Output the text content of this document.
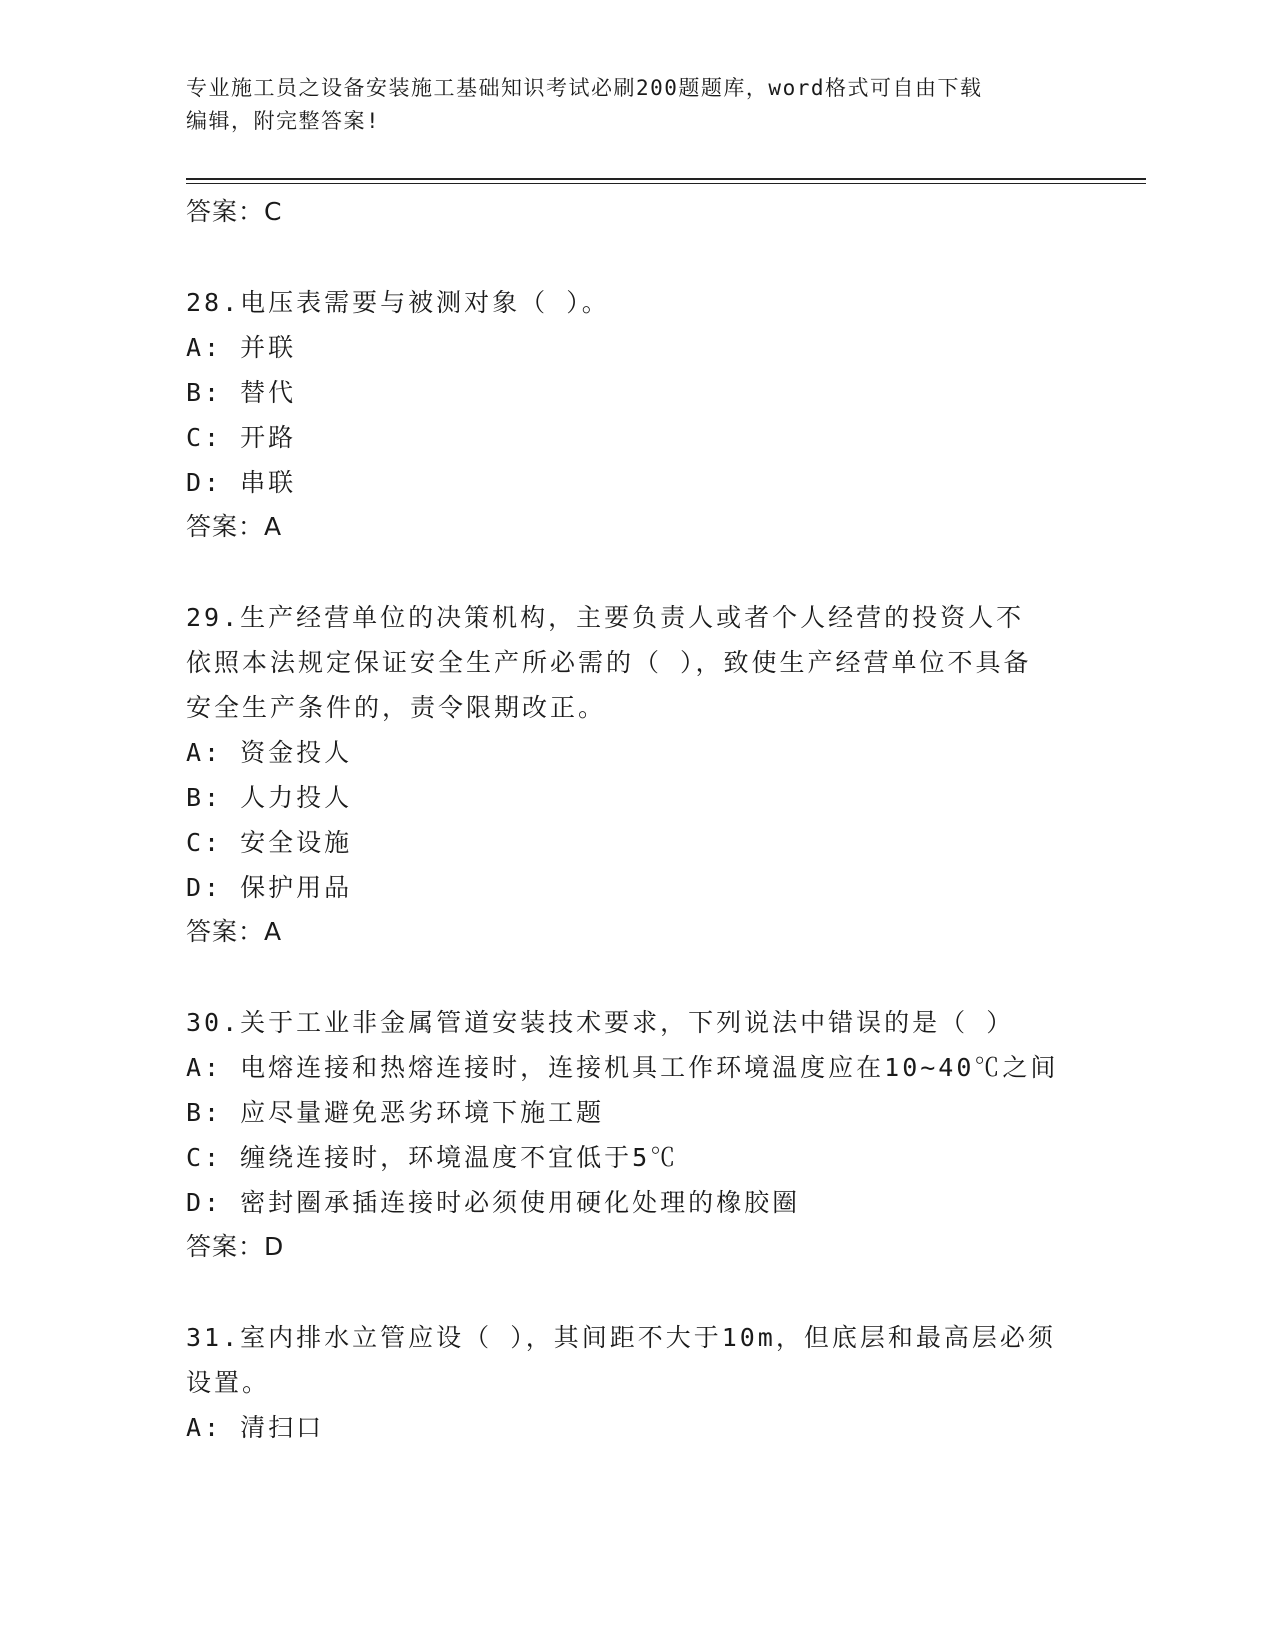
专业施工员之设备安装施工基础知识考试必刷200题题库，word格式可自由下载
编辑，附完整答案!
答案：C
28.电压表需要与被测对象（ ）。
A: 并联
B: 替代
C: 开路
D: 串联
答案：A
29.生产经营单位的决策机构，主要负责人或者个人经营的投资人不依照本法规定保证安全生产所必需的（ ），致使生产经营单位不具备安全生产条件的，责令限期改正。
A: 资金投人
B: 人力投人
C: 安全设施
D: 保护用品
答案：A
30.关于工业非金属管道安装技术要求，下列说法中错误的是（ ）
A: 电熔连接和热熔连接时，连接机具工作环境温度应在10~40℃之间
B: 应尽量避免恶劣环境下施工题
C: 缠绕连接时，环境温度不宜低于5℃
D: 密封圈承插连接时必须使用硬化处理的橡胶圈
答案：D
31.室内排水立管应设（ ），其间距不大于10m，但底层和最高层必须设置。
A: 清扫口
